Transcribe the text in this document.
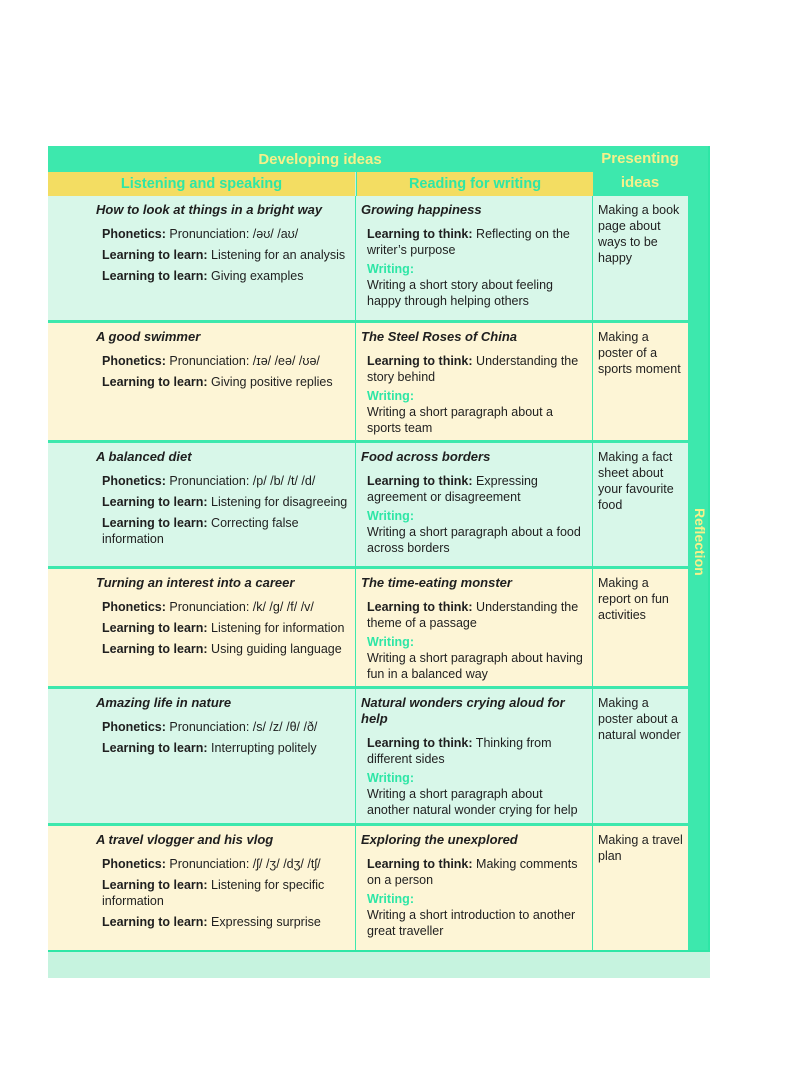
Developing ideas	Presenting ideas
Listening and speaking	Reading for writing
Reflection
How to look at things in a bright way
Phonetics: Pronunciation: /əʊ/ /aʊ/
Learning to learn: Listening for an analysis
Learning to learn: Giving examples
Growing happiness
Learning to think: Reflecting on the writer’s purpose
Writing:
Writing a short story about feeling happy through helping others
Making a book page about ways to be happy
A good swimmer
Phonetics: Pronunciation: /ɪə/ /eə/ /ʊə/
Learning to learn: Giving positive replies
The Steel Roses of China
Learning to think: Understanding the story behind
Writing:
Writing a short paragraph about a sports team
Making a poster of a sports moment
A balanced diet
Phonetics: Pronunciation: /p/ /b/ /t/ /d/
Learning to learn: Listening for disagreeing
Learning to learn: Correcting false information
Food across borders
Learning to think: Expressing agreement or disagreement
Writing:
Writing a short paragraph about a food across borders
Making a fact sheet about your favourite food
Turning an interest into a career
Phonetics: Pronunciation: /k/ /g/ /f/ /v/
Learning to learn: Listening for information
Learning to learn: Using guiding language
The time-eating monster
Learning to think: Understanding the theme of a passage
Writing:
Writing a short paragraph about having fun in a balanced way
Making a report on fun activities
Amazing life in nature
Phonetics: Pronunciation: /s/ /z/ /θ/ /ð/
Learning to learn: Interrupting politely
Natural wonders crying aloud for help
Learning to think: Thinking from different sides
Writing:
Writing a short paragraph about another natural wonder crying for help
Making a poster about a natural wonder
A travel vlogger and his vlog
Phonetics: Pronunciation: /ʃ/ /ʒ/ /dʒ/ /tʃ/
Learning to learn: Listening for specific information
Learning to learn: Expressing surprise
Exploring the unexplored
Learning to think: Making comments on a person
Writing:
Writing a short introduction to another great traveller
Making a travel plan
